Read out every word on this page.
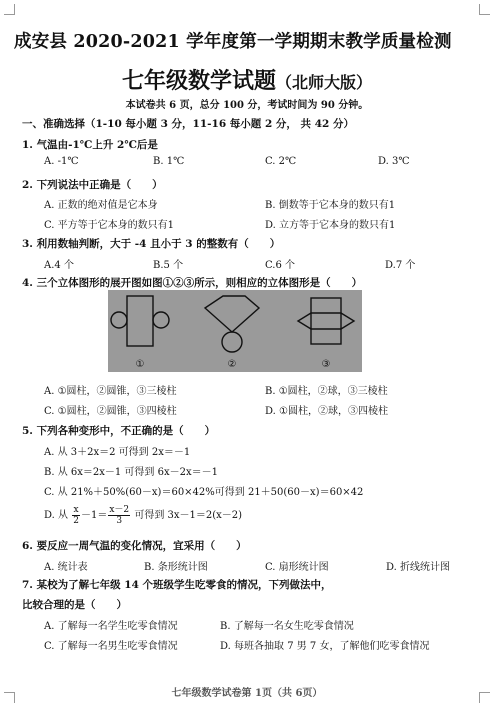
成安县 2020-2021 学年度第一学期期末教学质量检测
七年级数学试题（北师大版）
本试卷共 6 页，总分 100 分，考试时间为 90 分钟。
一、准确选择（1-10 每小题 3 分，11-16 每小题 2 分， 共 42 分）
1. 气温由-1℃上升 2℃后是
A. -1℃	B. 1℃	C. 2℃	D. 3℃
2. 下列说法中正确是（　　）
A. 正数的绝对值是它本身	B. 倒数等于它本身的数只有1
C. 平方等于它本身的数只有1	D. 立方等于它本身的数只有1
3. 利用数轴判断，大于 -4 且小于 3 的整数有（　　）
A.4 个	B.5 个	C.6 个	D.7 个
4. 三个立体图形的展开图如图①②③所示，则相应的立体图形是（　　）
①	②	③
A. ①圆柱，②圆锥，③三棱柱	B. ①圆柱，②球，③三棱柱
C. ①圆柱，②圆锥，③四棱柱	D. ①圆柱，②球，③四棱柱
5. 下列各种变形中，不正确的是（　　）
A. 从 3＋2x＝2 可得到 2x＝－1
B. 从 6x＝2x－1 可得到 6x－2x＝－1
C. 从 21%＋50%(60－x)＝60×42%可得到 21＋50(60－x)＝60×42
D. 从 $\frac{x}{2} -1= \frac{x-2}{3}$ 可得到 3x－1＝2(x－2)
6. 要反应一周气温的变化情况，宜采用（　　）
A. 统计表	B. 条形统计图	C. 扇形统计图	D. 折线统计图
7. 某校为了解七年级 14 个班级学生吃零食的情况，下列做法中，
比较合理的是（　　）
A. 了解每一名学生吃零食情况	B. 了解每一名女生吃零食情况
C. 了解每一名男生吃零食情况	D. 每班各抽取 7 男 7 女，了解他们吃零食情况
七年级数学试卷第 1页（共 6页）
